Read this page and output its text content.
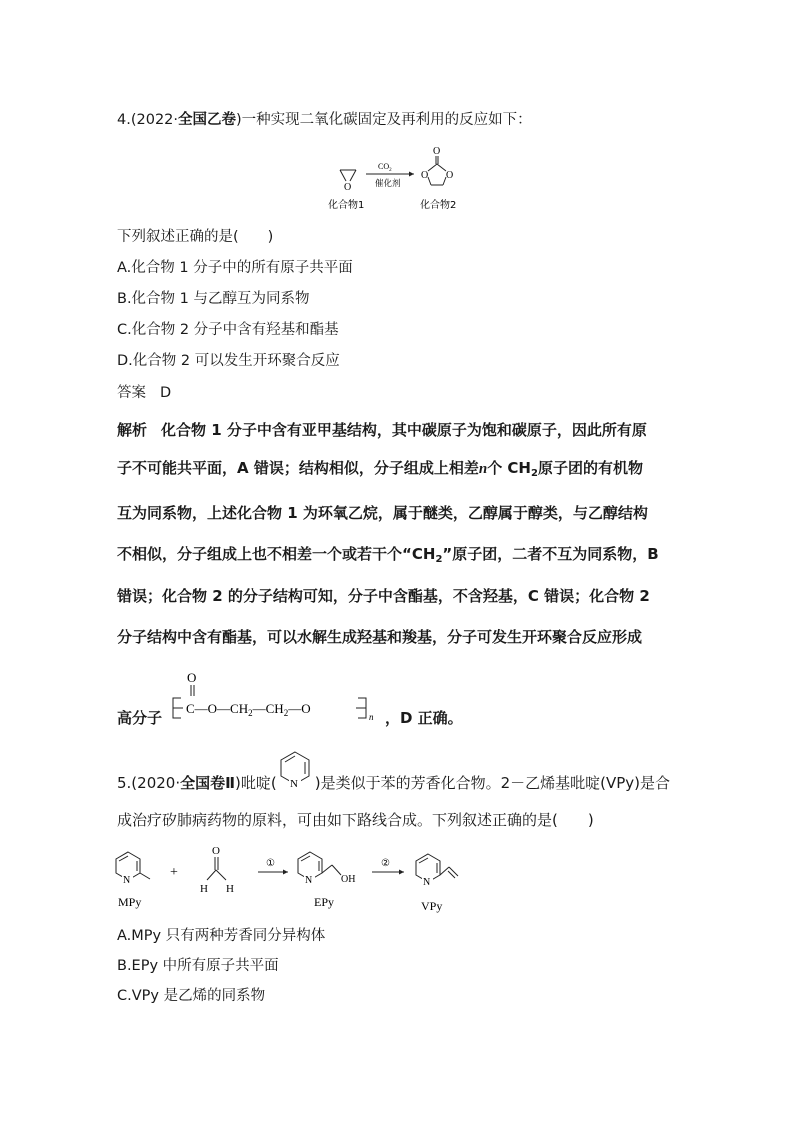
4.(2022·全国乙卷)一种实现二氧化碳固定及再利用的反应如下：
O
$CO_2$
催化剂
O
O O
化合物1	化合物2
下列叙述正确的是(　　)
A.化合物 1 分子中的所有原子共平面
B.化合物 1 与乙醇互为同系物
C.化合物 2 分子中含有羟基和酯基
D.化合物 2 可以发生开环聚合反应
答案 D
解析 化合物 1 分子中含有亚甲基结构，其中碳原子为饱和碳原子，因此所有原
子不可能共平面，A 错误；结构相似，分子组成上相差n个 $CH_2$原子团的有机物
互为同系物，上述化合物 1 为环氧乙烷，属于醚类，乙醇属于醇类，与乙醇结构
不相似，分子组成上也不相差一个或若干个“$CH_2$”原子团，二者不互为同系物，B
错误；化合物 2 的分子结构可知，分子中含酯基，不含羟基，C 错误；化合物 2
分子结构中含有酯基，可以水解生成羟基和羧基，分子可发生开环聚合反应形成
高分子
O
$C—O—CH_2—CH_2—O$
n ，D 正确。
5.(2020·全国卷Ⅱ)吡啶(	)是类似于苯的芳香化合物。2－乙烯基吡啶(VPy)是合
N
成治疗矽肺病药物的原料，可由如下路线合成。下列叙述正确的是(　　)
N
MPy
+
O
H H
①
N	OH
EPy
②
N
VPy
A.MPy 只有两种芳香同分异构体
B.EPy 中所有原子共平面
C.VPy 是乙烯的同系物
